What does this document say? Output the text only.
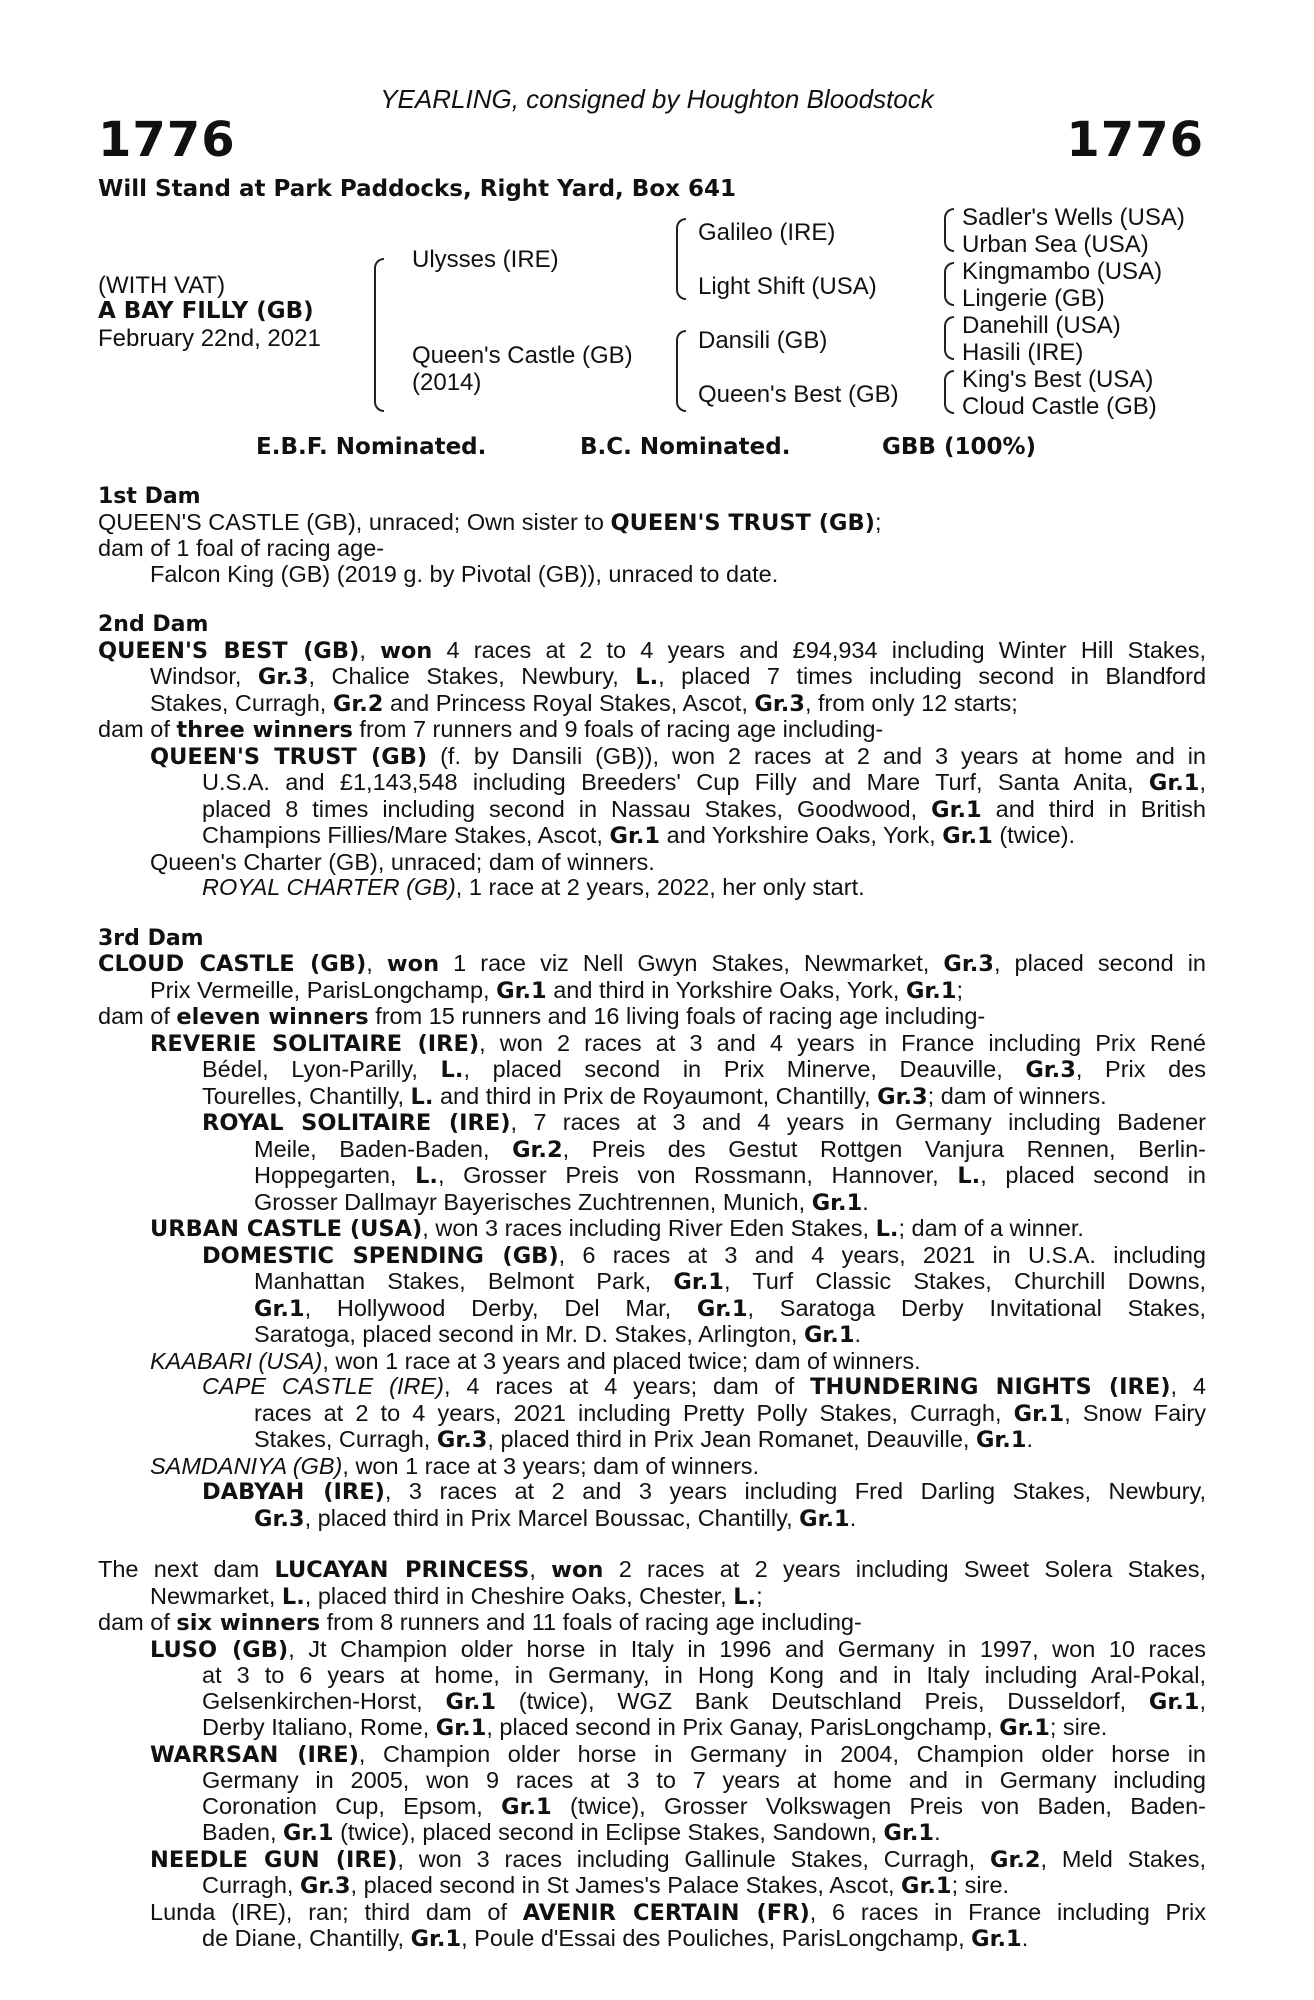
YEARLING, consigned by Houghton Bloodstock
1776	1776
Will Stand at Park Paddocks, Right Yard, Box 641
(WITH VAT)
A BAY FILLY (GB)
February 22nd, 2021
Ulysses (IRE)
Queen's Castle (GB)
(2014)
Galileo (IRE)
Light Shift (USA)
Dansili (GB)
Queen's Best (GB)
Sadler's Wells (USA)
Urban Sea (USA)
Kingmambo (USA)
Lingerie (GB)
Danehill (USA)
Hasili (IRE)
King's Best (USA)
Cloud Castle (GB)
E.B.F. Nominated.	B.C. Nominated.	GBB (100%)
1st Dam
QUEEN'S CASTLE (GB), unraced; Own sister to QUEEN'S TRUST (GB);
dam of 1 foal of racing age-
Falcon King (GB) (2019 g. by Pivotal (GB)), unraced to date.
2nd Dam
QUEEN'S BEST (GB), won 4 races at 2 to 4 years and £94,934 including Winter Hill Stakes,
Windsor, Gr.3, Chalice Stakes, Newbury, L., placed 7 times including second in Blandford
Stakes, Curragh, Gr.2 and Princess Royal Stakes, Ascot, Gr.3, from only 12 starts;
dam of three winners from 7 runners and 9 foals of racing age including-
QUEEN'S TRUST (GB) (f. by Dansili (GB)), won 2 races at 2 and 3 years at home and in
U.S.A. and £1,143,548 including Breeders' Cup Filly and Mare Turf, Santa Anita, Gr.1,
placed 8 times including second in Nassau Stakes, Goodwood, Gr.1 and third in British
Champions Fillies/Mare Stakes, Ascot, Gr.1 and Yorkshire Oaks, York, Gr.1 (twice).
Queen's Charter (GB), unraced; dam of winners.
ROYAL CHARTER (GB), 1 race at 2 years, 2022, her only start.
3rd Dam
CLOUD CASTLE (GB), won 1 race viz Nell Gwyn Stakes, Newmarket, Gr.3, placed second in
Prix Vermeille, ParisLongchamp, Gr.1 and third in Yorkshire Oaks, York, Gr.1;
dam of eleven winners from 15 runners and 16 living foals of racing age including-
REVERIE SOLITAIRE (IRE), won 2 races at 3 and 4 years in France including Prix René
Bédel, Lyon-Parilly, L., placed second in Prix Minerve, Deauville, Gr.3, Prix des
Tourelles, Chantilly, L. and third in Prix de Royaumont, Chantilly, Gr.3; dam of winners.
ROYAL SOLITAIRE (IRE), 7 races at 3 and 4 years in Germany including Badener
Meile, Baden-Baden, Gr.2, Preis des Gestut Rottgen Vanjura Rennen, Berlin-
Hoppegarten, L., Grosser Preis von Rossmann, Hannover, L., placed second in
Grosser Dallmayr Bayerisches Zuchtrennen, Munich, Gr.1.
URBAN CASTLE (USA), won 3 races including River Eden Stakes, L.; dam of a winner.
DOMESTIC SPENDING (GB), 6 races at 3 and 4 years, 2021 in U.S.A. including
Manhattan Stakes, Belmont Park, Gr.1, Turf Classic Stakes, Churchill Downs,
Gr.1, Hollywood Derby, Del Mar, Gr.1, Saratoga Derby Invitational Stakes,
Saratoga, placed second in Mr. D. Stakes, Arlington, Gr.1.
KAABARI (USA), won 1 race at 3 years and placed twice; dam of winners.
CAPE CASTLE (IRE), 4 races at 4 years; dam of THUNDERING NIGHTS (IRE), 4
races at 2 to 4 years, 2021 including Pretty Polly Stakes, Curragh, Gr.1, Snow Fairy
Stakes, Curragh, Gr.3, placed third in Prix Jean Romanet, Deauville, Gr.1.
SAMDANIYA (GB), won 1 race at 3 years; dam of winners.
DABYAH (IRE), 3 races at 2 and 3 years including Fred Darling Stakes, Newbury,
Gr.3, placed third in Prix Marcel Boussac, Chantilly, Gr.1.
The next dam LUCAYAN PRINCESS, won 2 races at 2 years including Sweet Solera Stakes,
Newmarket, L., placed third in Cheshire Oaks, Chester, L.;
dam of six winners from 8 runners and 11 foals of racing age including-
LUSO (GB), Jt Champion older horse in Italy in 1996 and Germany in 1997, won 10 races
at 3 to 6 years at home, in Germany, in Hong Kong and in Italy including Aral-Pokal,
Gelsenkirchen-Horst, Gr.1 (twice), WGZ Bank Deutschland Preis, Dusseldorf, Gr.1,
Derby Italiano, Rome, Gr.1, placed second in Prix Ganay, ParisLongchamp, Gr.1; sire.
WARRSAN (IRE), Champion older horse in Germany in 2004, Champion older horse in
Germany in 2005, won 9 races at 3 to 7 years at home and in Germany including
Coronation Cup, Epsom, Gr.1 (twice), Grosser Volkswagen Preis von Baden, Baden-
Baden, Gr.1 (twice), placed second in Eclipse Stakes, Sandown, Gr.1.
NEEDLE GUN (IRE), won 3 races including Gallinule Stakes, Curragh, Gr.2, Meld Stakes,
Curragh, Gr.3, placed second in St James's Palace Stakes, Ascot, Gr.1; sire.
Lunda (IRE), ran; third dam of AVENIR CERTAIN (FR), 6 races in France including Prix
de Diane, Chantilly, Gr.1, Poule d'Essai des Pouliches, ParisLongchamp, Gr.1.
